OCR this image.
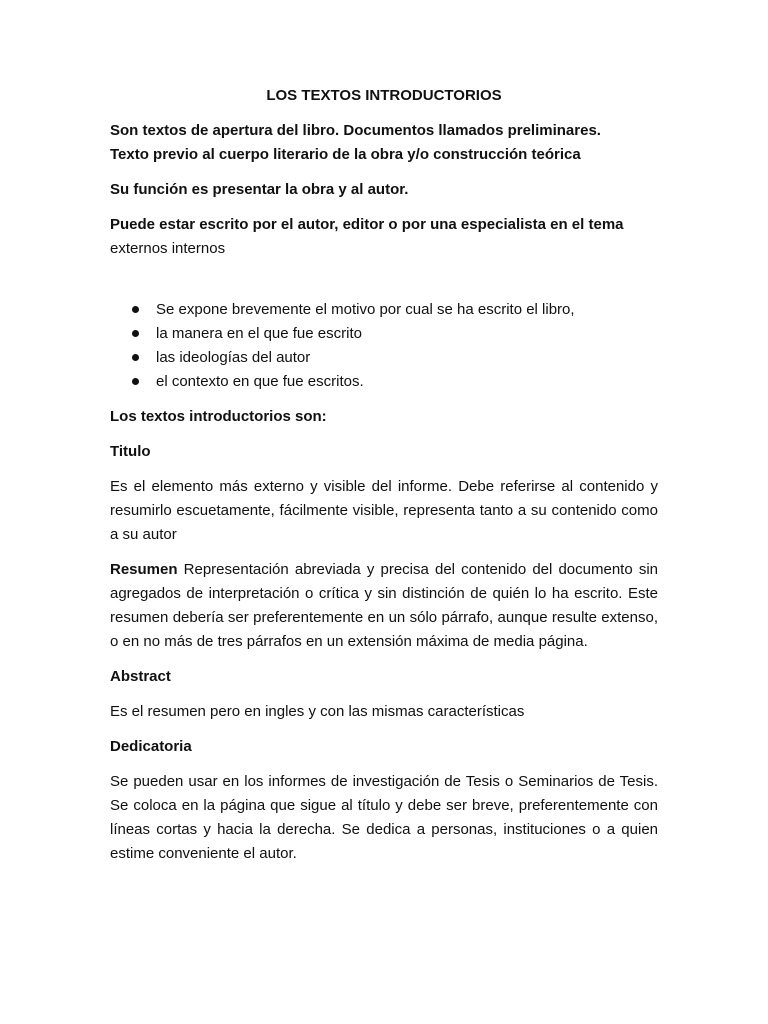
LOS TEXTOS INTRODUCTORIOS
Son textos de apertura del libro. Documentos llamados preliminares.
Texto previo al cuerpo literario de la obra y/o construcción teórica
Su función es presentar la obra y al autor.
Puede estar escrito por el autor, editor o por una especialista en el tema
externos internos
Se expone brevemente el motivo por cual se ha escrito el libro,
la manera en el que fue escrito
las ideologías del autor
el contexto en que fue escritos.
Los textos introductorios son:
Titulo
Es el elemento más externo y visible del informe. Debe referirse al contenido y resumirlo escuetamente, fácilmente visible, representa tanto a su contenido como a su autor
Resumen Representación abreviada y precisa del contenido del documento sin agregados de interpretación o crítica y sin distinción de quién lo ha escrito. Este resumen debería ser preferentemente en un sólo párrafo, aunque resulte extenso, o en no más de tres párrafos en un extensión máxima de media página.
Abstract
Es el resumen pero en ingles y con las mismas características
Dedicatoria
Se pueden usar en los informes de investigación de Tesis o Seminarios de Tesis. Se coloca en la página que sigue al título y debe ser breve, preferentemente con líneas cortas y hacia la derecha. Se dedica a personas, instituciones o a quien estime conveniente el autor.
